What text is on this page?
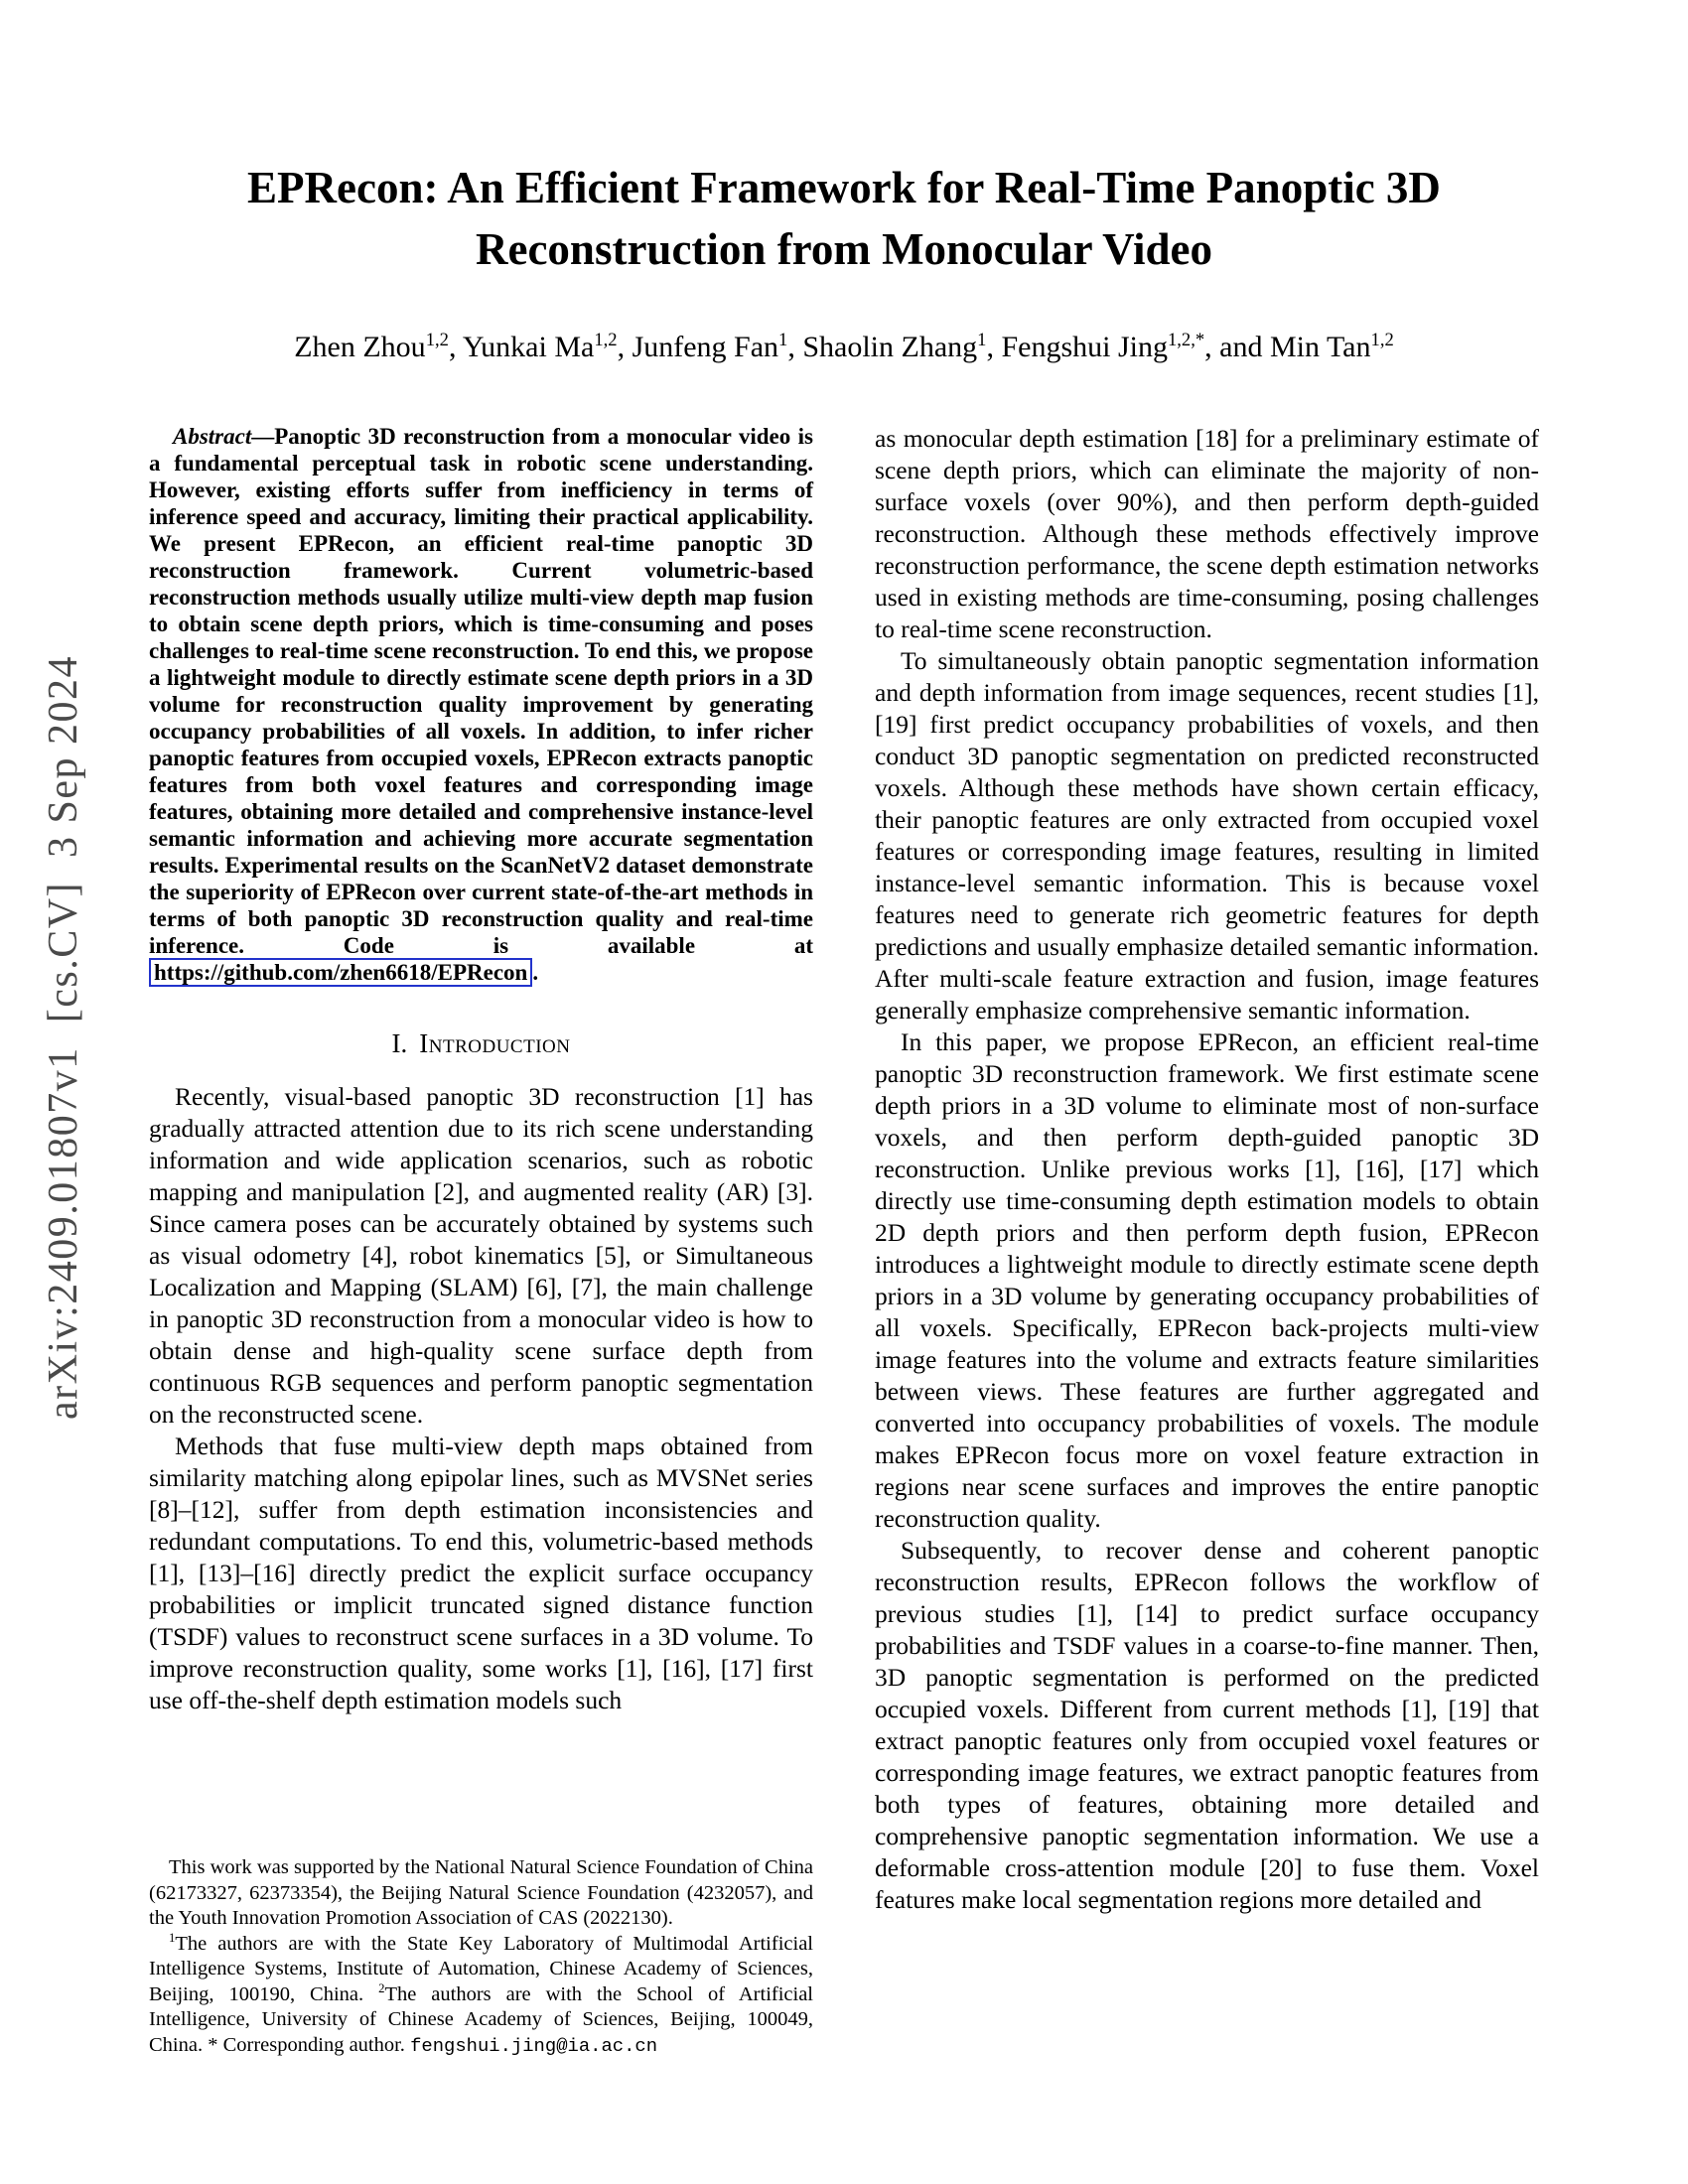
arXiv:2409.01807v1  [cs.CV]  3 Sep 2024
EPRecon: An Efficient Framework for Real-Time Panoptic 3D
Reconstruction from Monocular Video
Zhen Zhou$^{1,2}$, Yunkai Ma$^{1,2}$, Junfeng Fan$^1$, Shaolin Zhang$^1$, Fengshui Jing$^{1,2,*}$, and Min Tan$^{1,2}$

Abstract—Panoptic 3D reconstruction from a monocular video is a fundamental perceptual task in robotic scene understanding. However, existing efforts suffer from inefficiency in terms of inference speed and accuracy, limiting their practical applicability. We present EPRecon, an efficient real-time panoptic 3D reconstruction framework. Current volumetric-based reconstruction methods usually utilize multi-view depth map fusion to obtain scene depth priors, which is time-consuming and poses challenges to real-time scene reconstruction. To end this, we propose a lightweight module to directly estimate scene depth priors in a 3D volume for reconstruction quality improvement by generating occupancy probabilities of all voxels. In addition, to infer richer panoptic features from occupied voxels, EPRecon extracts panoptic features from both voxel features and corresponding image features, obtaining more detailed and comprehensive instance-level semantic information and achieving more accurate segmentation results. Experimental results on the ScanNetV2 dataset demonstrate the superiority of EPRecon over current state-of-the-art methods in terms of both panoptic 3D reconstruction quality and real-time inference. Code is available at https://github.com/zhen6618/EPRecon .

I. Introduction

Recently, visual-based panoptic 3D reconstruction [1] has gradually attracted attention due to its rich scene understanding information and wide application scenarios, such as robotic mapping and manipulation [2], and augmented reality (AR) [3]. Since camera poses can be accurately obtained by systems such as visual odometry [4], robot kinematics [5], or Simultaneous Localization and Mapping (SLAM) [6], [7], the main challenge in panoptic 3D reconstruction from a monocular video is how to obtain dense and high-quality scene surface depth from continuous RGB sequences and perform panoptic segmentation on the reconstructed scene.

Methods that fuse multi-view depth maps obtained from similarity matching along epipolar lines, such as MVSNet series [8]–[12], suffer from depth estimation inconsistencies and redundant computations. To end this, volumetric-based methods [1], [13]–[16] directly predict the explicit surface occupancy probabilities or implicit truncated signed distance function (TSDF) values to reconstruct scene surfaces in a 3D volume. To improve reconstruction quality, some works [1], [16], [17] first use off-the-shelf depth estimation models such

This work was supported by the National Natural Science Foundation of China (62173327, 62373354), the Beijing Natural Science Foundation (4232057), and the Youth Innovation Promotion Association of CAS (2022130).

$^1$The authors are with the State Key Laboratory of Multimodal Artificial Intelligence Systems, Institute of Automation, Chinese Academy of Sciences, Beijing, 100190, China. $^2$The authors are with the School of Artificial Intelligence, University of Chinese Academy of Sciences, Beijing, 100049, China. * Corresponding author. fengshui.jing@ia.ac.cn

as monocular depth estimation [18] for a preliminary estimate of scene depth priors, which can eliminate the majority of non-surface voxels (over 90%), and then perform depth-guided reconstruction. Although these methods effectively improve reconstruction performance, the scene depth estimation networks used in existing methods are time-consuming, posing challenges to real-time scene reconstruction.

To simultaneously obtain panoptic segmentation information and depth information from image sequences, recent studies [1], [19] first predict occupancy probabilities of voxels, and then conduct 3D panoptic segmentation on predicted reconstructed voxels. Although these methods have shown certain efficacy, their panoptic features are only extracted from occupied voxel features or corresponding image features, resulting in limited instance-level semantic information. This is because voxel features need to generate rich geometric features for depth predictions and usually emphasize detailed semantic information. After multi-scale feature extraction and fusion, image features generally emphasize comprehensive semantic information.

In this paper, we propose EPRecon, an efficient real-time panoptic 3D reconstruction framework. We first estimate scene depth priors in a 3D volume to eliminate most of non-surface voxels, and then perform depth-guided panoptic 3D reconstruction. Unlike previous works [1], [16], [17] which directly use time-consuming depth estimation models to obtain 2D depth priors and then perform depth fusion, EPRecon introduces a lightweight module to directly estimate scene depth priors in a 3D volume by generating occupancy probabilities of all voxels. Specifically, EPRecon back-projects multi-view image features into the volume and extracts feature similarities between views. These features are further aggregated and converted into occupancy probabilities of voxels. The module makes EPRecon focus more on voxel feature extraction in regions near scene surfaces and improves the entire panoptic reconstruction quality.

Subsequently, to recover dense and coherent panoptic reconstruction results, EPRecon follows the workflow of previous studies [1], [14] to predict surface occupancy probabilities and TSDF values in a coarse-to-fine manner. Then, 3D panoptic segmentation is performed on the predicted occupied voxels. Different from current methods [1], [19] that extract panoptic features only from occupied voxel features or corresponding image features, we extract panoptic features from both types of features, obtaining more detailed and comprehensive panoptic segmentation information. We use a deformable cross-attention module [20] to fuse them. Voxel features make local segmentation regions more detailed and
